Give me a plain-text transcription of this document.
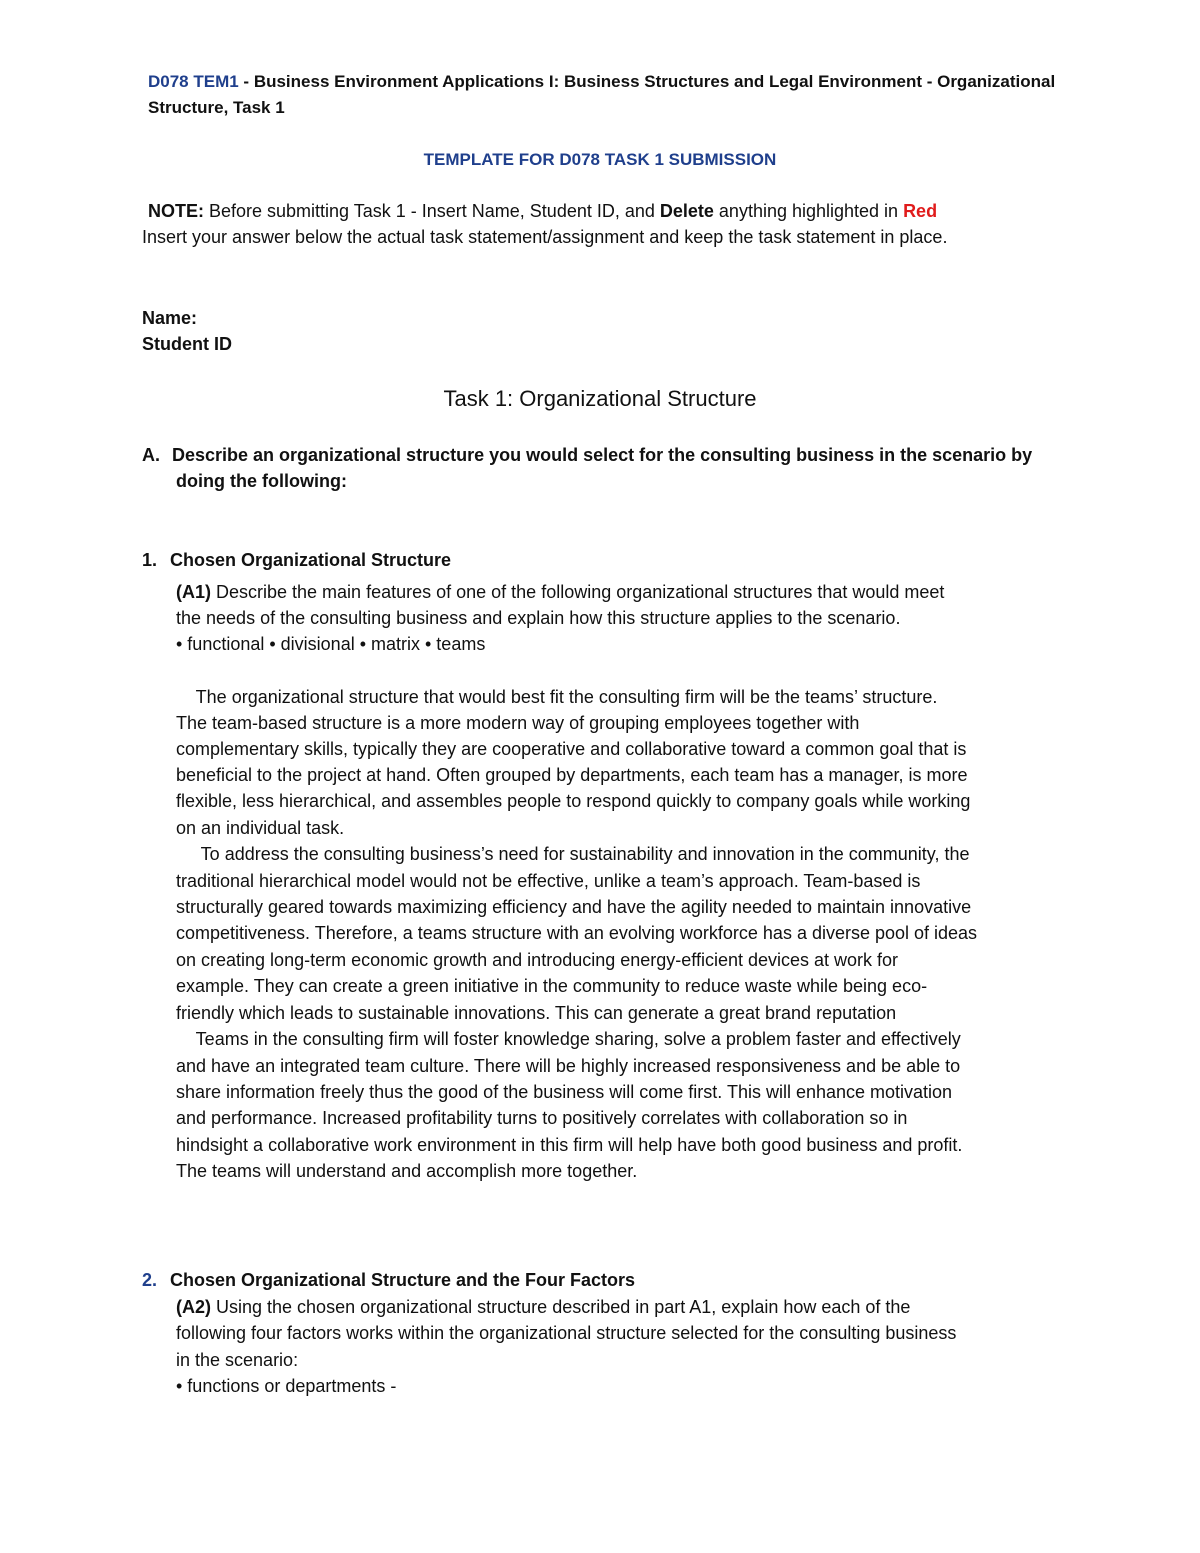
D078 TEM1 - Business Environment Applications I: Business Structures and Legal Environment - Organizational
Structure, Task 1
TEMPLATE FOR D078 TASK 1 SUBMISSION
NOTE: Before submitting Task 1 - Insert Name, Student ID, and Delete anything highlighted in Red
Insert your answer below the actual task statement/assignment and keep the task statement in place.
Name:
Student ID
Task 1: Organizational Structure
A. Describe an organizational structure you would select for the consulting business in the scenario by
doing the following:
1. Chosen Organizational Structure
(A1) Describe the main features of one of the following organizational structures that would meet
the needs of the consulting business and explain how this structure applies to the scenario.
• functional • divisional • matrix • teams
The organizational structure that would best fit the consulting firm will be the teams’ structure.
The team-based structure is a more modern way of grouping employees together with
complementary skills, typically they are cooperative and collaborative toward a common goal that is
beneficial to the project at hand. Often grouped by departments, each team has a manager, is more
flexible, less hierarchical, and assembles people to respond quickly to company goals while working
on an individual task.
To address the consulting business’s need for sustainability and innovation in the community, the
traditional hierarchical model would not be effective, unlike a team’s approach. Team-based is
structurally geared towards maximizing efficiency and have the agility needed to maintain innovative
competitiveness. Therefore, a teams structure with an evolving workforce has a diverse pool of ideas
on creating long-term economic growth and introducing energy-efficient devices at work for
example. They can create a green initiative in the community to reduce waste while being eco-
friendly which leads to sustainable innovations. This can generate a great brand reputation
Teams in the consulting firm will foster knowledge sharing, solve a problem faster and effectively
and have an integrated team culture. There will be highly increased responsiveness and be able to
share information freely thus the good of the business will come first. This will enhance motivation
and performance. Increased profitability turns to positively correlates with collaboration so in
hindsight a collaborative work environment in this firm will help have both good business and profit.
The teams will understand and accomplish more together.
2. Chosen Organizational Structure and the Four Factors
(A2) Using the chosen organizational structure described in part A1, explain how each of the
following four factors works within the organizational structure selected for the consulting business
in the scenario:
• functions or departments -
